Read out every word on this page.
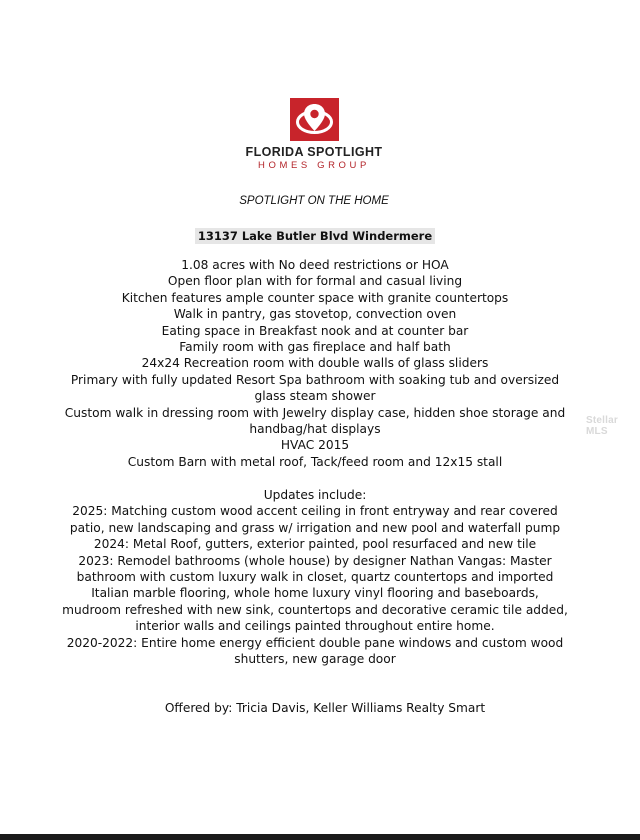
FLORIDA SPOTLIGHT
HOMES GROUP
SPOTLIGHT ON THE HOME
13137 Lake Butler Blvd Windermere
1.08 acres with No deed restrictions or HOA
Open floor plan with for formal and casual living
Kitchen features ample counter space with granite countertops
Walk in pantry, gas stovetop, convection oven
Eating space in Breakfast nook and at counter bar
Family room with gas fireplace and half bath
24x24 Recreation room with double walls of glass sliders
Primary with fully updated Resort Spa bathroom with soaking tub and oversized glass steam shower
Custom walk in dressing room with Jewelry display case, hidden shoe storage and handbag/hat displays
HVAC 2015
Custom Barn with metal roof, Tack/feed room and 12x15 stall
Updates include:
2025: Matching custom wood accent ceiling in front entryway and rear covered patio, new landscaping and grass w/ irrigation and new pool and waterfall pump
2024: Metal Roof, gutters, exterior painted, pool resurfaced and new tile
2023: Remodel bathrooms (whole house) by designer Nathan Vangas: Master bathroom with custom luxury walk in closet, quartz countertops and imported Italian marble flooring, whole home luxury vinyl flooring and baseboards, mudroom refreshed with new sink, countertops and decorative ceramic tile added, interior walls and ceilings painted throughout entire home.
2020-2022: Entire home energy efficient double pane windows and custom wood shutters, new garage door
Offered by: Tricia Davis, Keller Williams Realty Smart
Stellar MLS
